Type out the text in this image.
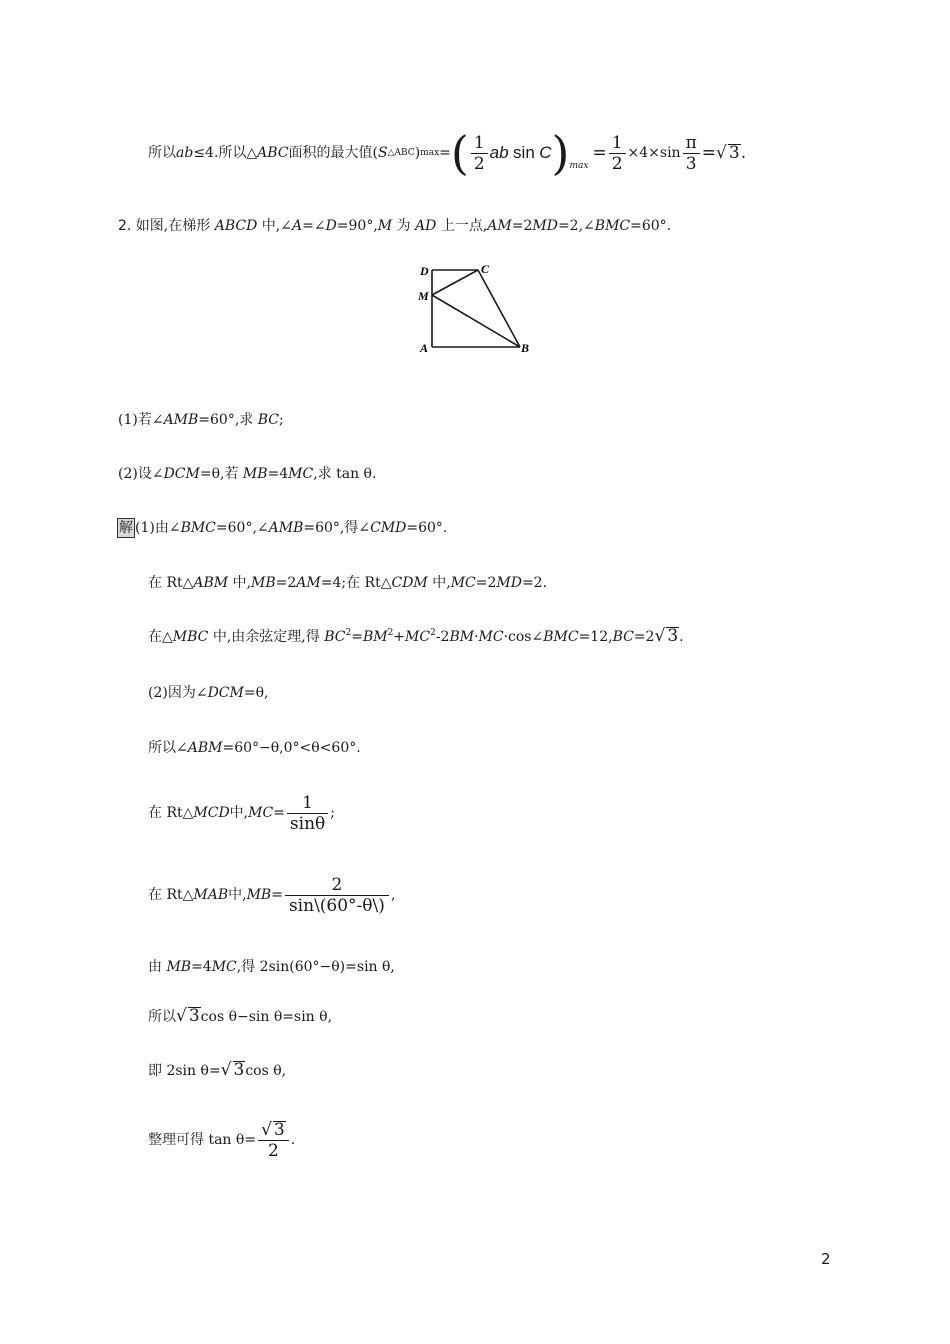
所以 ab ≤4.所以△ ABC 面积的最大值( S △ABC ) max = ( $\frac{1}{2}$ ab
sin
C ) max
= $\frac{1}{2} \times 4\times\sin \frac{\pi}{3}$ = √ 3 .
2. 如图,在梯形 ABCD 中,∠A=∠D=90°,M 为 AD 上一点,AM=2MD=2,∠BMC=60°.
D	C
M
A	B
(1)若∠AMB=60°,求 BC;
(2)设∠DCM=θ,若 MB=4MC,求 tan θ.
解 (1)由∠BMC=60°,∠AMB=60°,得∠CMD=60°.
在 Rt△ABM 中,MB=2AM=4;在 Rt△CDM 中,MC=2MD=2.
在△MBC 中,由余弦定理,得 $BC^2=BM^2+MC^2-2BM\cdot MC\cdot\cos\angle BMC=12,BC=2√$ 3.
(2)因为∠DCM=θ,
所以∠ABM=60°−θ,0°<θ<60°.
在 Rt△ MCD 中, MC = $\frac{1}{\sin\theta}$ ;
在 Rt△ MAB 中, MB = $\frac{2}{\sin\backslash(60^\circ-\theta\backslash)}$ ,
由 MB=4MC,得 2sin(60°−θ)=sin θ,
所以√ 3cos θ−sin θ=sin θ,
即 2sin θ=√ 3cos θ,
整理可得 $\tan \theta= \frac{√ 3}{2}$ .
2
